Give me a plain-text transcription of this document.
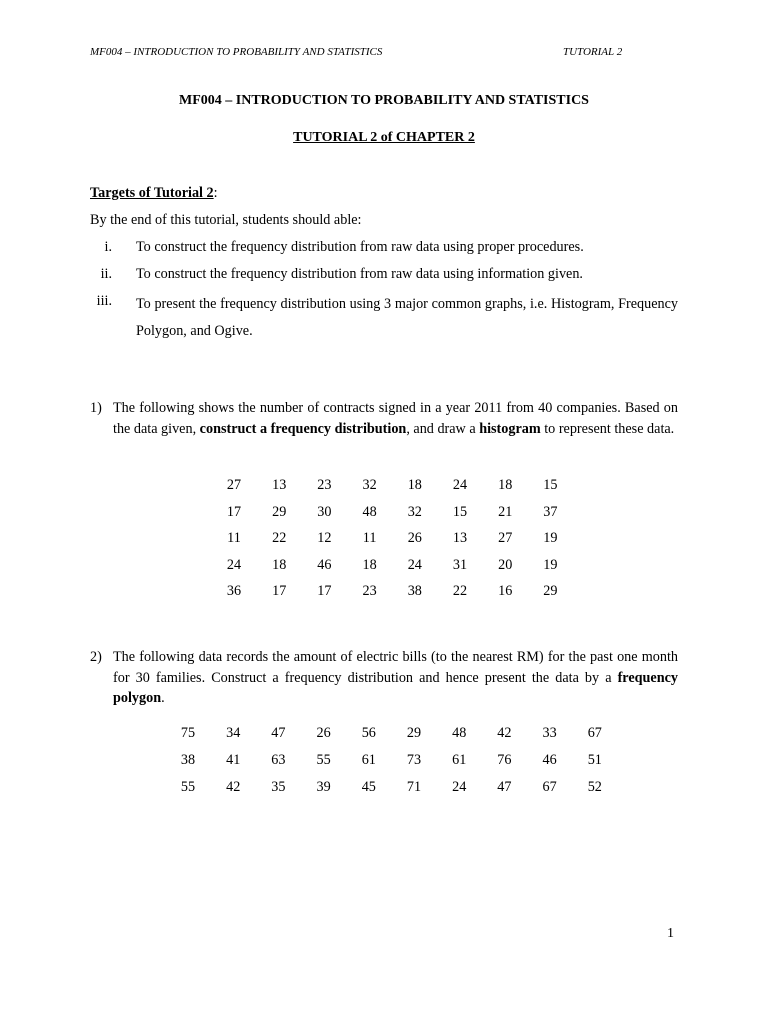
MF004 – INTRODUCTION TO PROBABILITY AND STATISTICS	TUTORIAL 2
MF004 – INTRODUCTION TO PROBABILITY AND STATISTICS
TUTORIAL 2 of CHAPTER 2
Targets of Tutorial 2:
By the end of this tutorial, students should able:
i. To construct the frequency distribution from raw data using proper procedures.
ii. To construct the frequency distribution from raw data using information given.
iii. To present the frequency distribution using 3 major common graphs, i.e. Histogram, Frequency Polygon, and Ogive.
1) The following shows the number of contracts signed in a year 2011 from 40 companies. Based on the data given, construct a frequency distribution, and draw a histogram to represent these data.
27	13	23	32	18	24	18	15
17	29	30	48	32	15	21	37
11	22	12	11	26	13	27	19
24	18	46	18	24	31	20	19
36	17	17	23	38	22	16	29
2) The following data records the amount of electric bills (to the nearest RM) for the past one month for 30 families. Construct a frequency distribution and hence present the data by a frequency polygon.
75	34	47	26	56	29	48	42	33	67
38	41	63	55	61	73	61	76	46	51
55	42	35	39	45	71	24	47	67	52
1
